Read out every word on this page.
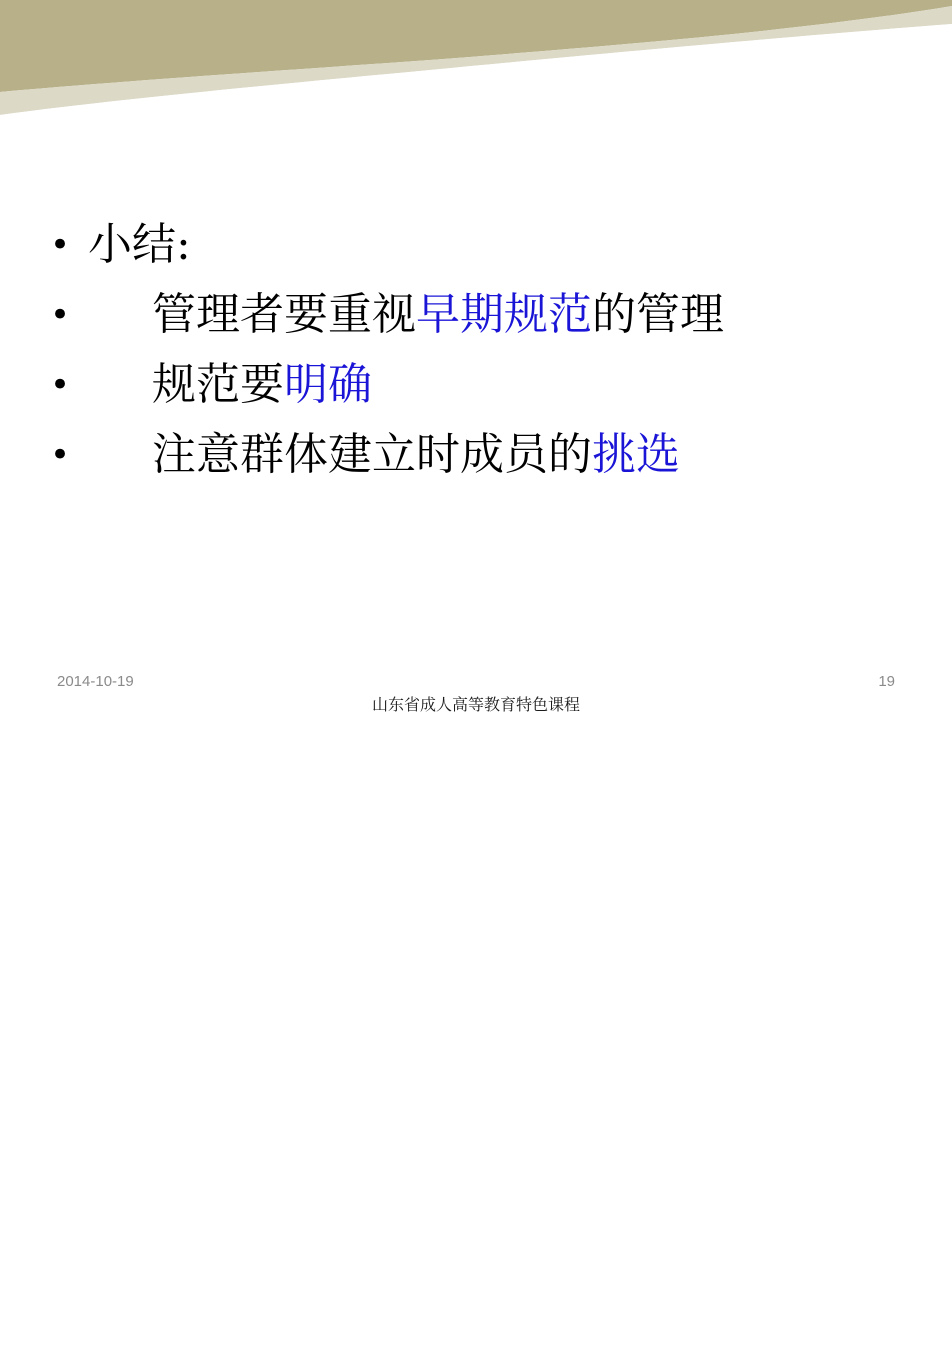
• 小结:
• 管理者要重视早期规范的管理
• 规范要明确
• 注意群体建立时成员的挑选
2014-10-19	19
山东省成人高等教育特色课程
